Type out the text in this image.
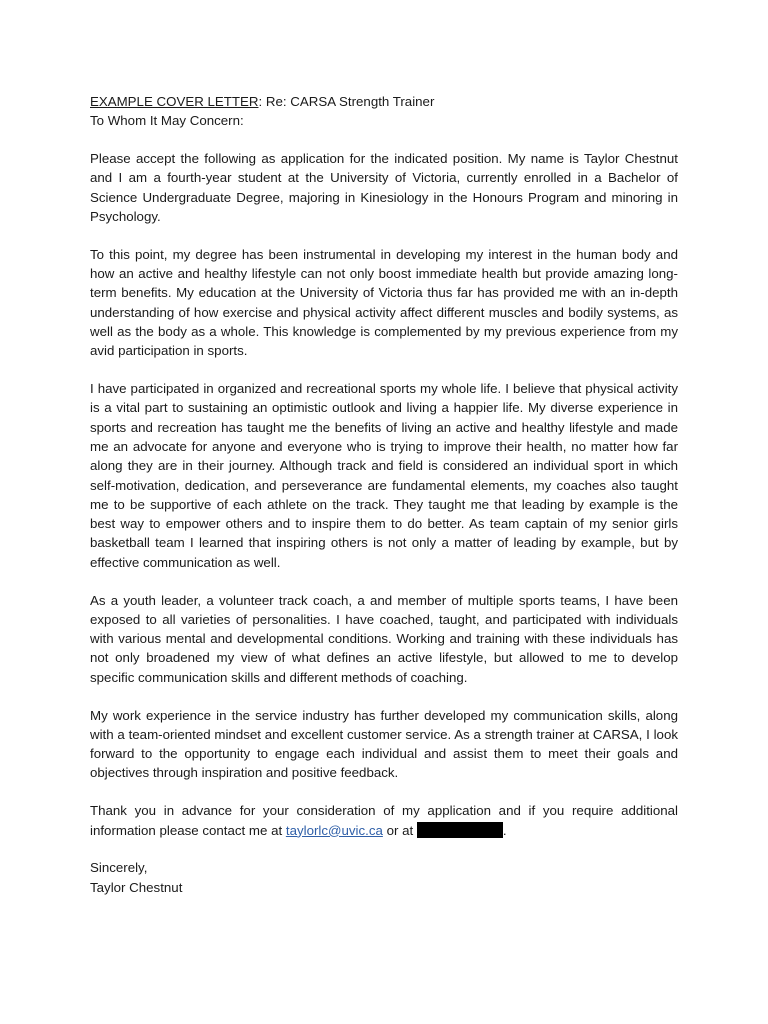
EXAMPLE COVER LETTER: Re: CARSA Strength Trainer

To Whom It May Concern:

Please accept the following as application for the indicated position. My name is Taylor Chestnut and I am a fourth-year student at the University of Victoria, currently enrolled in a Bachelor of Science Undergraduate Degree, majoring in Kinesiology in the Honours Program and minoring in Psychology.

To this point, my degree has been instrumental in developing my interest in the human body and how an active and healthy lifestyle can not only boost immediate health but provide amazing long-term benefits. My education at the University of Victoria thus far has provided me with an in-depth understanding of how exercise and physical activity affect different muscles and bodily systems, as well as the body as a whole. This knowledge is complemented by my previous experience from my avid participation in sports.

I have participated in organized and recreational sports my whole life. I believe that physical activity is a vital part to sustaining an optimistic outlook and living a happier life. My diverse experience in sports and recreation has taught me the benefits of living an active and healthy lifestyle and made me an advocate for anyone and everyone who is trying to improve their health, no matter how far along they are in their journey. Although track and field is considered an individual sport in which self-motivation, dedication, and perseverance are fundamental elements, my coaches also taught me to be supportive of each athlete on the track. They taught me that leading by example is the best way to empower others and to inspire them to do better. As team captain of my senior girls basketball team I learned that inspiring others is not only a matter of leading by example, but by effective communication as well.

As a youth leader, a volunteer track coach, a and member of multiple sports teams, I have been exposed to all varieties of personalities. I have coached, taught, and participated with individuals with various mental and developmental conditions. Working and training with these individuals has not only broadened my view of what defines an active lifestyle, but allowed to me to develop specific communication skills and different methods of coaching.

My work experience in the service industry has further developed my communication skills, along with a team-oriented mindset and excellent customer service. As a strength trainer at CARSA, I look forward to the opportunity to engage each individual and assist them to meet their goals and objectives through inspiration and positive feedback.

Thank you in advance for your consideration of my application and if you require additional information please contact me at taylorlc@uvic.ca or at	.

Sincerely,

Taylor Chestnut
